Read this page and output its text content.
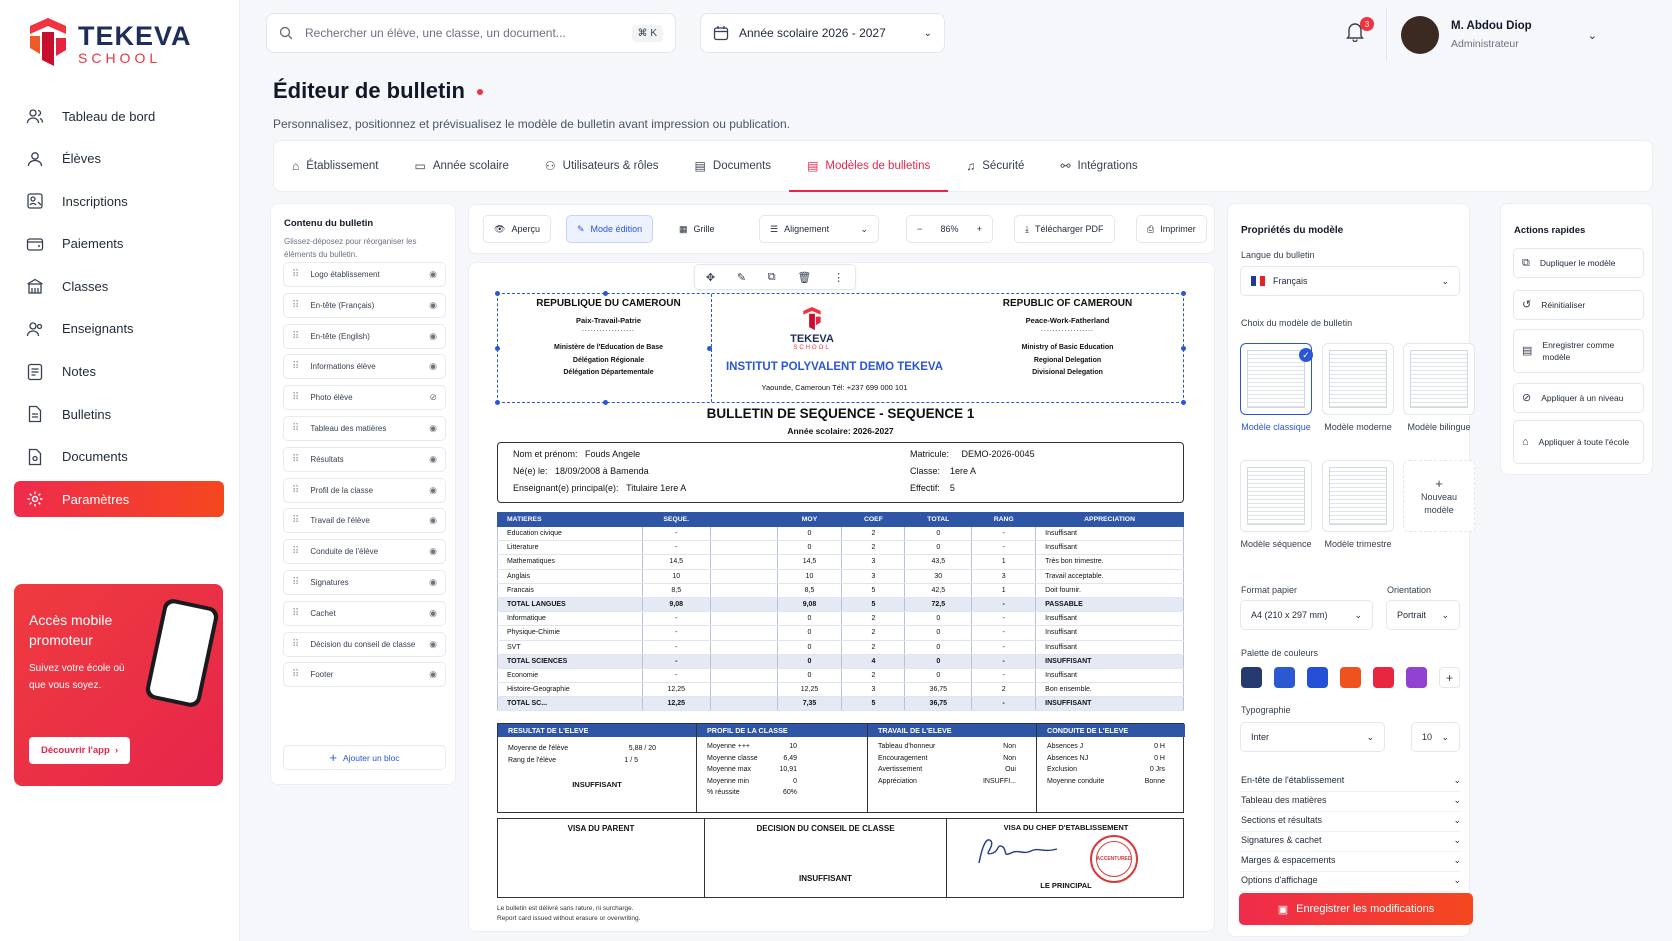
TEKEVA
SCHOOL
Tableau de bord
Élèves
Inscriptions
Paiements
Classes
Enseignants
Notes
Bulletins
Documents
Paramètres
Accès mobile promoteur

Suivez votre école où que vous soyez.

Découvrir l'app  ›
Rechercher un élève, une classe, un document...	⌘ K	Année scolaire 2026 - 2027	⌄
3	M. Abdou Diop
Administrateur
⌄
Éditeur de bulletin
Personnalisez, positionnez et prévisualisez le modèle de bulletin avant impression ou publication.
⌂ Établissement	▭ Année scolaire	⚇ Utilisateurs & rôles	▤ Documents	▤ Modèles de bulletins	♫ Sécurité	⚯ Intégrations
Contenu du bulletin
Glissez-déposez pour réorganiser les éléments du bulletin.
+ Ajouter un bloc
⠿ Logo établissement	◉
⠿ En-tête (Français)	◉
⠿ En-tête (English)	◉
⠿ Informations élève	◉
⠿ Photo élève	⊘
⠿ Tableau des matières	◉
⠿ Résultats	◉
⠿ Profil de la classe	◉
⠿ Travail de l'élève	◉
⠿ Conduite de l'élève	◉
⠿ Signatures	◉
⠿ Cachet	◉
⠿ Décision du conseil de classe ◉
⠿ Footer	◉
👁 Aperçu	✎ Mode édition	▦ Grille	☰ Alignement	⌄	− 86% +	⤓ Télécharger PDF	⎙ Imprimer
✥ ✎ ⧉ 🗑 ⋮
REPUBLIQUE DU CAMEROUN
Paix-Travail-Patrie
..................
Ministère de l'Education de Base
Délégation Régionale
Délégation Départementale
REPUBLIC OF CAMEROUN
Peace-Work-Fatherland
..................
Ministry of Basic Education
Regional Delegation
Divisional Delegation
TEKEVA
SCHOOL
INSTITUT POLYVALENT DEMO TEKEVA
Yaounde, Cameroun Tél: +237 699 000 101
BULLETIN DE SEQUENCE - SEQUENCE 1
Année scolaire: 2026-2027
Nom et prénom: Fouds Angele
Né(e) le: 18/09/2008 à Bamenda
Enseignant(e) principal(e): Titulaire 1ere A
Matricule: DEMO-2026-0045
Classe: 1ere A
Effectif: 5
MATIERES	SEQUE.		MOY	COEF	TOTAL	RANG	APPRECIATION
Education civique	-		0	2	0	-	Insuffisant
Litterature	-		0	2	0	-	Insuffisant
Mathematiques	14,5		14,5	3	43,5	1	Très bon trimestre.
Anglais	10		10	3	30	3	Travail acceptable.
Francais	8,5		8,5	5	42,5	1	Doit fournir.
TOTAL LANGUES	9,08		9,08	5	72,5	-	PASSABLE
Informatique	-		0	2	0	-	Insuffisant
Physique-Chimie	-		0	2	0	-	Insuffisant
SVT	-		0	2	0	-	Insuffisant
TOTAL SCIENCES	-		0	4	0	-	INSUFFISANT
Economie	-		0	2	0	-	Insuffisant
Histoire-Geographie	12,25		12,25	3	36,75	2	Bon ensemble.
TOTAL SC...	12,25		7,35	5	36,75	-	INSUFFISANT
RESULTAT DE L'ELEVE
Moyenne de l'élève	5,88 / 20
Rang de l'élève	1 / 5
INSUFFISANT
PROFIL DE LA CLASSE
Moyenne +++	10
Moyenne classe	6,49
Moyenne max	10,91
Moyenne min	0
% réussite	60%
TRAVAIL DE L'ELEVE
Tableau d'honneur	Non
Encouragement	Non
Avertissement	Oui
Appréciation	INSUFFI...
CONDUITE DE L'ELEVE
Absences J	0 H
Absences NJ	0 H
Exclusion	0 Jrs
Moyenne conduite	Bonne
VISA DU PARENT	DECISION DU CONSEIL DE CLASSE
INSUFFISANT
VISA DU CHEF D'ETABLISSEMENT
ACCENTURED
LE PRINCIPAL
Le bulletin est délivré sans rature, ni surcharge.
Report card issued without erasure or overwriting.
Propriétés du modèle
Langue du bulletin
Français	⌄
Choix du modèle de bulletin
✓
Modèle classique	Modèle moderne	Modèle bilingue
Modèle séquence	Modèle trimestre
+
Nouveau modèle
Format papier
A4 (210 x 297 mm)	⌄
Orientation
Portrait ⌄
Palette de couleurs
+
Typographie
Inter	⌄	10 ⌄
En-tête de l'établissement	⌄
Tableau des matières	⌄
Sections et résultats	⌄
Signatures & cachet	⌄
Marges & espacements	⌄
Options d'affichage	⌄
▣ Enregistrer les modifications
Actions rapides
⧉ Dupliquer le modèle
↺ Réinitialiser
▤ Enregistrer comme modèle
⊘ Appliquer à un niveau
⌂ Appliquer à toute l'école
